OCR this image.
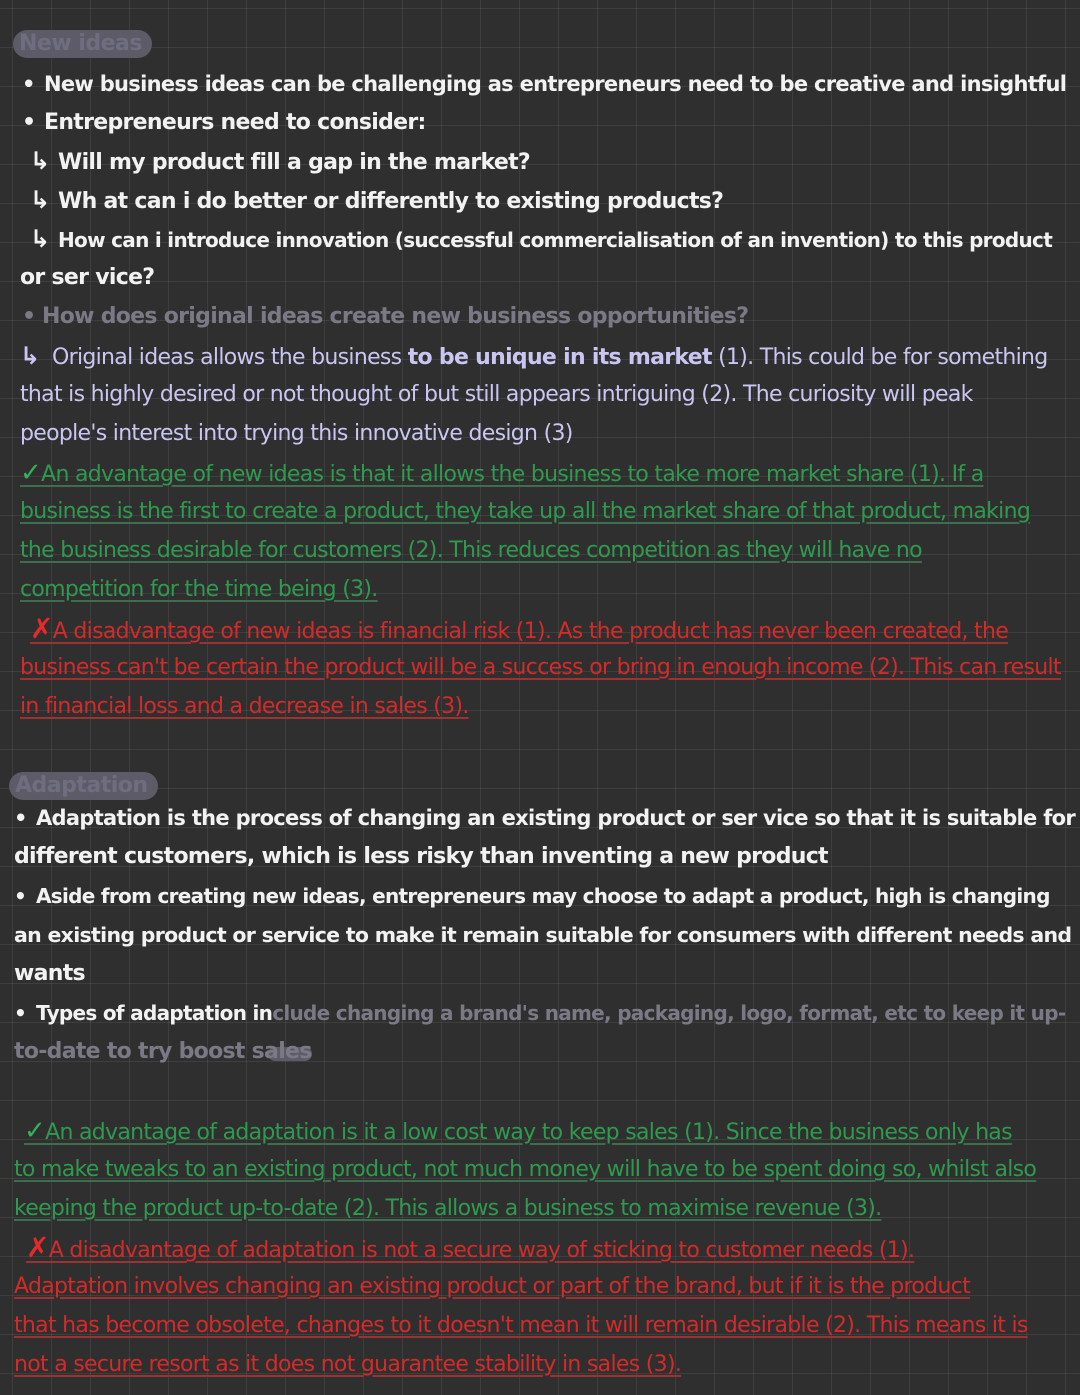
New ideas
• New business ideas can be challenging as entrepreneurs need to be creative and insightful
• Entrepreneurs need to consider:
↳ Will my product fill a gap in the market?
↳ Wh at can i do better or differently to existing products?
↳ How can i introduce innovation (successful commercialisation of an invention) to this product
or ser vice?
• How does original ideas create new business opportunities?
↳ Original ideas allows the business to be unique in its market (1). This could be for something
that is highly desired or not thought of but still appears intriguing (2). The curiosity will peak
people's interest into trying this innovative design (3)
✓An advantage of new ideas is that it allows the business to take more market share (1). If a
business is the first to create a product, they take up all the market share of that product, making
the business desirable for customers (2). This reduces competition as they will have no
competition for the time being (3).
✗A disadvantage of new ideas is financial risk (1). As the product has never been created, the
business can't be certain the product will be a success or bring in enough income (2). This can result
in financial loss and a decrease in sales (3).
Adaptation
• Adaptation is the process of changing an existing product or ser vice so that it is suitable for
different customers, which is less risky than inventing a new product
• Aside from creating new ideas, entrepreneurs may choose to adapt a product, high is changing
an existing product or service to make it remain suitable for consumers with different needs and
wants
• Types of adaptation include changing a brand's name, packaging, logo, format, etc to keep it up-
to-date to try boost sales
✓An advantage of adaptation is it a low cost way to keep sales (1). Since the business only has
to make tweaks to an existing product, not much money will have to be spent doing so, whilst also
keeping the product up-to-date (2). This allows a business to maximise revenue (3).
✗A disadvantage of adaptation is not a secure way of sticking to customer needs (1).
Adaptation involves changing an existing product or part of the brand, but if it is the product
that has become obsolete, changes to it doesn't mean it will remain desirable (2). This means it is
not a secure resort as it does not guarantee stability in sales (3).
